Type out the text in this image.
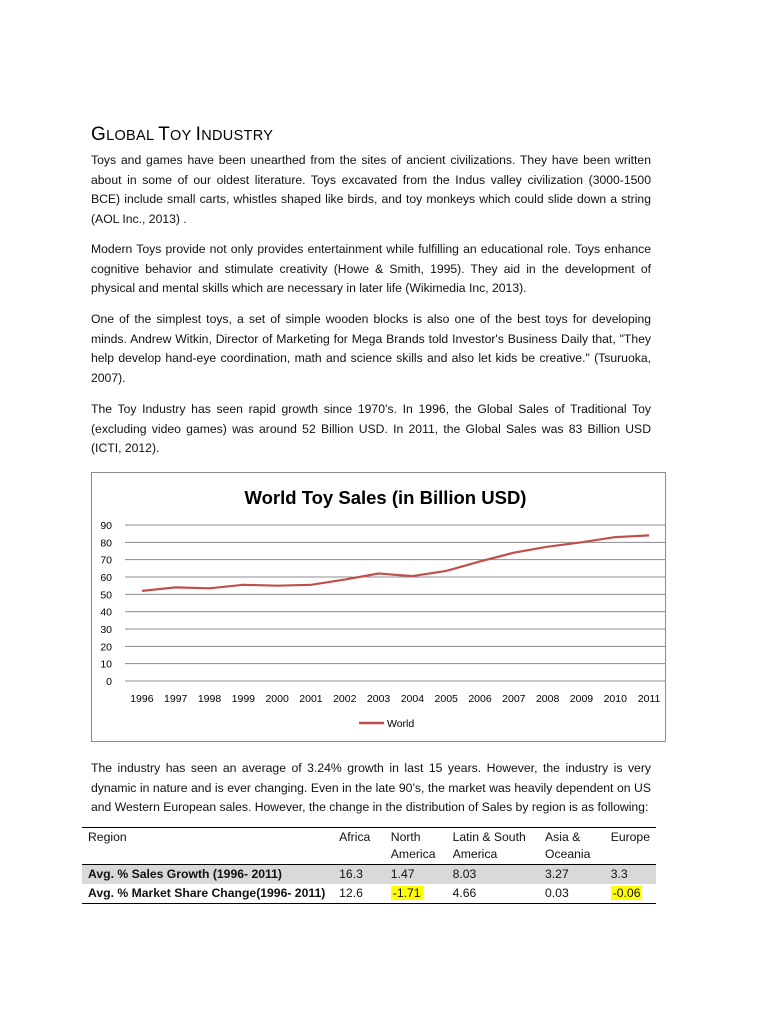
GLOBAL TOY INDUSTRY

Toys and games have been unearthed from the sites of ancient civilizations. They have been written about in some of our oldest literature. Toys excavated from the Indus valley civilization (3000-1500 BCE) include small carts, whistles shaped like birds, and toy monkeys which could slide down a string (AOL Inc., 2013) .

Modern Toys provide not only provides entertainment while fulfilling an educational role. Toys enhance cognitive behavior and stimulate creativity (Howe & Smith, 1995). They aid in the development of physical and mental skills which are necessary in later life (Wikimedia Inc, 2013).

One of the simplest toys, a set of simple wooden blocks is also one of the best toys for developing minds. Andrew Witkin, Director of Marketing for Mega Brands told Investor's Business Daily that, "They help develop hand-eye coordination, math and science skills and also let kids be creative." (Tsuruoka, 2007).

The Toy Industry has seen rapid growth since 1970’s. In 1996, the Global Sales of Traditional Toy (excluding video games) was around 52 Billion USD. In 2011, the Global Sales was 83 Billion USD (ICTI, 2012).

World Toy Sales (in Billion USD)
0
10
20
30
40
50
60
70
80
90
1996 1997 1998 1999 2000 2001 2002 2003 2004 2005 2006 2007 2008 2009 2010 2011
World

The industry has seen an average of 3.24% growth in last 15 years. However, the industry is very dynamic in nature and is ever changing. Even in the late 90’s, the market was heavily dependent on US and Western European sales. However, the change in the distribution of Sales by region is as following:

Region	Africa	North America	Latin & South America	Asia & Oceania	Europe
Avg. % Sales Growth (1996- 2011)	16.3	1.47	8.03	3.27	3.3
Avg. % Market Share Change(1996- 2011)	12.6	-1.71	4.66	0.03	-0.06
